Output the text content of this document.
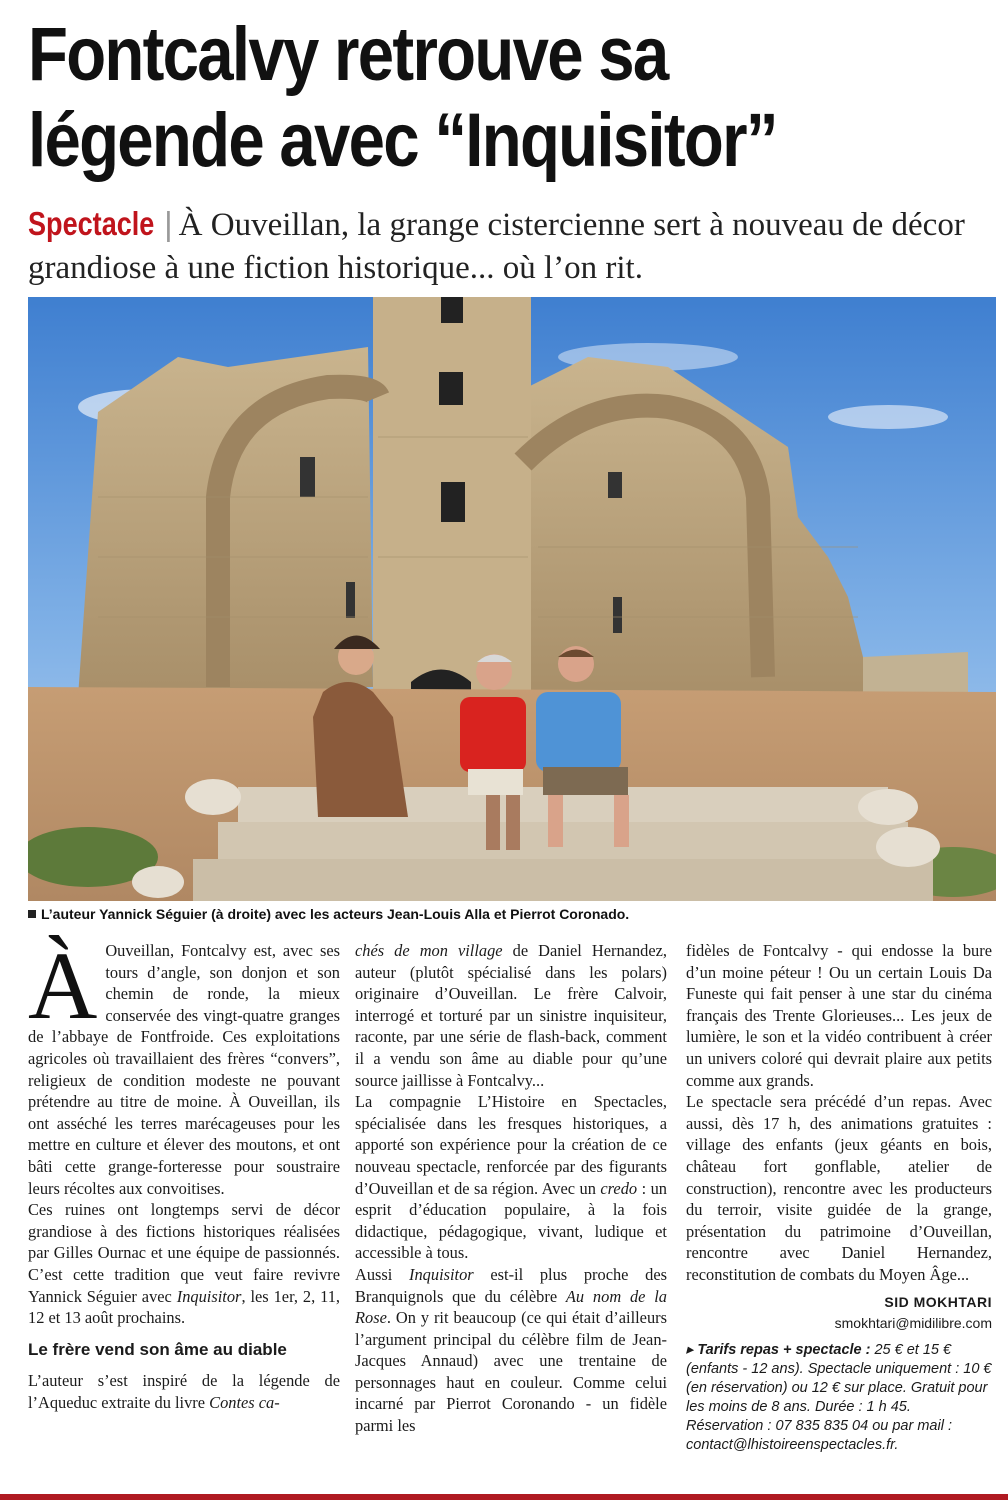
Fontcalvy retrouve sa
légende avec “Inquisitor”
Spectacle | À Ouveillan, la grange cistercienne sert à nouveau de décor grandiose à une fiction historique... où l’on rit.
L’auteur Yannick Séguier (à droite) avec les acteurs Jean-Louis Alla et Pierrot Coronado.

À Ouveillan, Fontcalvy est, avec ses tours d’angle, son donjon et son chemin de ronde, la mieux conservée des vingt-quatre granges de l’abbaye de Fontfroide. Ces exploitations agricoles où travaillaient des frères “convers”, religieux de condition modeste ne pouvant prétendre au titre de moine. À Ouveillan, ils ont asséché les terres marécageuses pour les mettre en culture et élever des moutons, et ont bâti cette grange-forteresse pour soustraire leurs récoltes aux convoitises.

Ces ruines ont longtemps servi de décor grandiose à des fictions historiques réalisées par Gilles Ournac et une équipe de passionnés. C’est cette tradition que veut faire revivre Yannick Séguier avec Inquisitor, les 1er, 2, 11, 12 et 13 août prochains.

Le frère vend son âme au diable

L’auteur s’est inspiré de la légende de l’Aqueduc extraite du livre Contes ca-

chés de mon village de Daniel Hernandez, auteur (plutôt spécialisé dans les polars) originaire d’Ouveillan. Le frère Calvoir, interrogé et torturé par un sinistre inquisiteur, raconte, par une série de flash-back, comment il a vendu son âme au diable pour qu’une source jaillisse à Fontcalvy...

La compagnie L’Histoire en Spectacles, spécialisée dans les fresques historiques, a apporté son expérience pour la création de ce nouveau spectacle, renforcée par des figurants d’Ouveillan et de sa région. Avec un credo : un esprit d’éducation populaire, à la fois didactique, pédagogique, vivant, ludique et accessible à tous.

Aussi Inquisitor est-il plus proche des Branquignols que du célèbre Au nom de la Rose. On y rit beaucoup (ce qui était d’ailleurs l’argument principal du célèbre film de Jean-Jacques Annaud) avec une trentaine de personnages haut en couleur. Comme celui incarné par Pierrot Coronando - un fidèle parmi les

fidèles de Fontcalvy - qui endosse la bure d’un moine péteur ! Ou un certain Louis Da Funeste qui fait penser à une star du cinéma français des Trente Glorieuses... Les jeux de lumière, le son et la vidéo contribuent à créer un univers coloré qui devrait plaire aux petits comme aux grands.

Le spectacle sera précédé d’un repas. Avec aussi, dès 17 h, des animations gratuites : village des enfants (jeux géants en bois, château fort gonflable, atelier de construction), rencontre avec les producteurs du terroir, visite guidée de la grange, présentation du patrimoine d’Ouveillan, rencontre avec Daniel Hernandez, reconstitution de combats du Moyen Âge...

SID MOKHTARI
smokhtari@midilibre.com
▸ Tarifs repas + spectacle : 25 € et 15 € (enfants - 12 ans). Spectacle uniquement : 10 € (en réservation) ou 12 € sur place. Gratuit pour les moins de 8 ans. Durée : 1 h 45. Réservation : 07 835 835 04 ou par mail : contact@lhistoireenspectacles.fr.
